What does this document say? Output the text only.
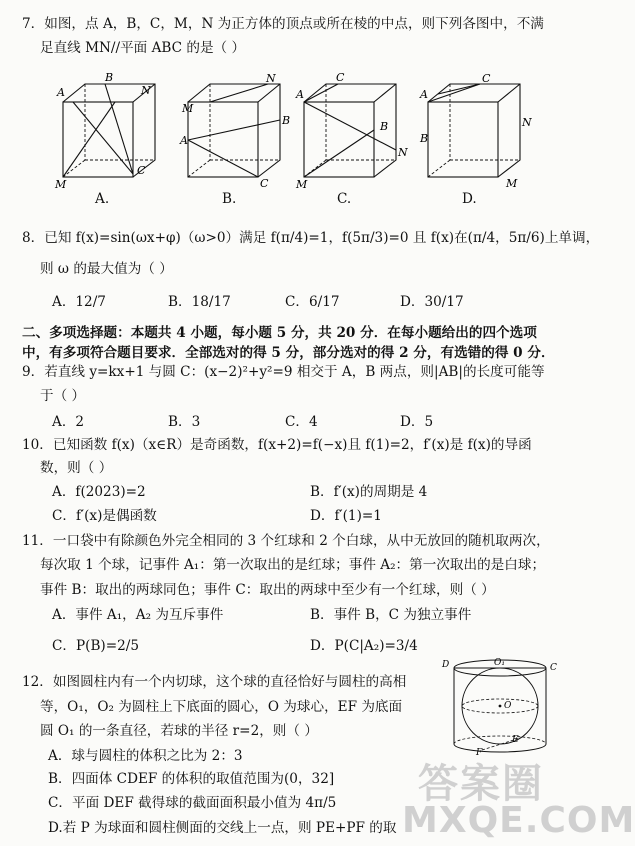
7．如图，点 A，B，C，M，N 为正方体的顶点或所在棱的中点，则下列各图中，不满
足直线 MN//平面 ABC 的是（ ）
A
B
C
M
N
A
B
C
M
N
A
B
C
M
N
A
B
C
M
N
A.	B.	C.	D.
8．已知 f(x)=sin(ωx+φ)（ω>0）满足 f(π/4)=1，f(5π/3)=0 且 f(x)在(π/4，5π/6)上单调，
则 ω 的最大值为（ ）
A．12/7	B．18/17	C．6/17	D．30/17
二、多项选择题：本题共 4 小题，每小题 5 分，共 20 分．在每小题给出的四个选项
中，有多项符合题目要求．全部选对的得 5 分，部分选对的得 2 分，有选错的得 0 分．
9．若直线 y=kx+1 与圆 C：(x−2)²+y²=9 相交于 A，B 两点，则|AB|的长度可能等
于（ ）
A．2	B．3	C．4	D．5
10．已知函数 f(x)（x∈R）是奇函数，f(x+2)=f(−x)且 f(1)=2，f′(x)是 f(x)的导函
数，则（ ）
A．f(2023)=2	B．f′(x)的周期是 4
C．f′(x)是偶函数	D．f′(1)=1
11．一口袋中有除颜色外完全相同的 3 个红球和 2 个白球，从中无放回的随机取两次，
每次取 1 个球，记事件 A₁：第一次取出的是红球；事件 A₂：第一次取出的是白球；
事件 B：取出的两球同色；事件 C：取出的两球中至少有一个红球，则（ ）
A．事件 A₁，A₂ 为互斥事件	B．事件 B，C 为独立事件
C．P(B)=2/5	D．P(C|A₂)=3/4
12．如图圆柱内有一个内切球，这个球的直径恰好与圆柱的高相
等，O₁，O₂ 为圆柱上下底面的圆心，O 为球心，EF 为底面
圆 O₁ 的一条直径，若球的半径 r=2，则（ ）
A．球与圆柱的体积之比为 2：3
B．四面体 CDEF 的体积的取值范围为(0，32]
C．平面 DEF 截得球的截面面积最小值为 4π/5
D.若 P 为球面和圆柱侧面的交线上一点，则 PE+PF 的取
D	O₁	C
O
E
F
答案圈
MXQE.COM
